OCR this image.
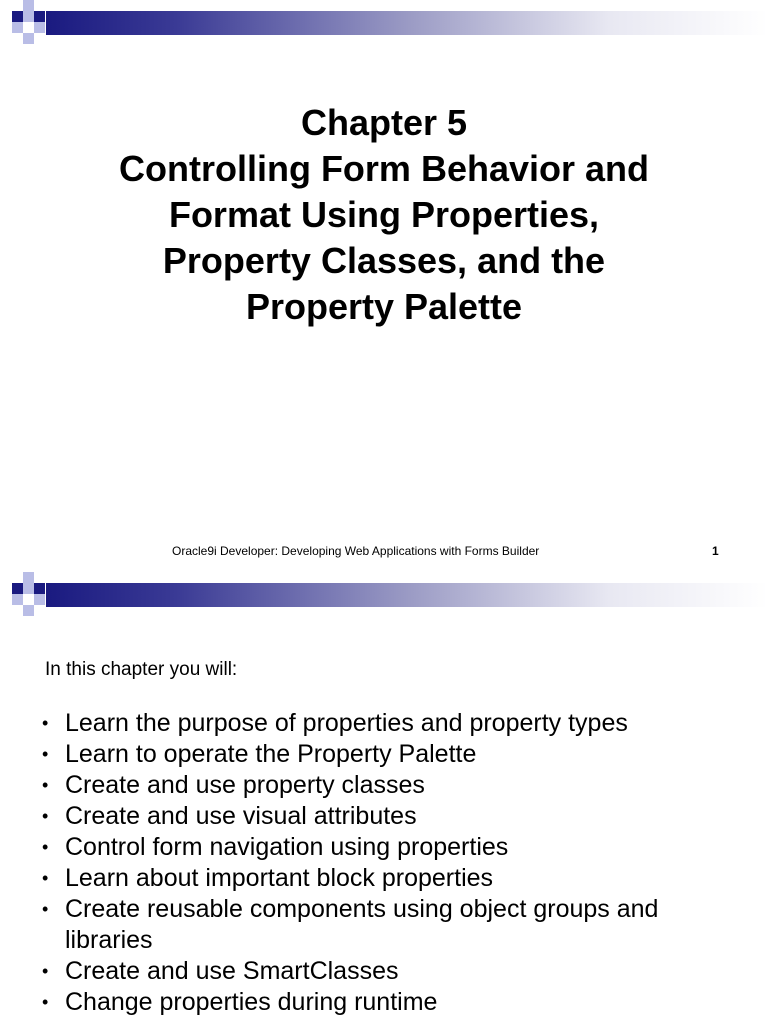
Chapter 5
Controlling Form Behavior and
Format Using Properties,
Property Classes, and the
Property Palette
Oracle9i Developer: Developing Web Applications with Forms Builder	1

In this chapter you will:

• Learn the purpose of properties and property types
• Learn to operate the Property Palette
• Create and use property classes
• Create and use visual attributes
• Control form navigation using properties
• Learn about important block properties
• Create reusable components using object groups and libraries
• Create and use SmartClasses
• Change properties during runtime
